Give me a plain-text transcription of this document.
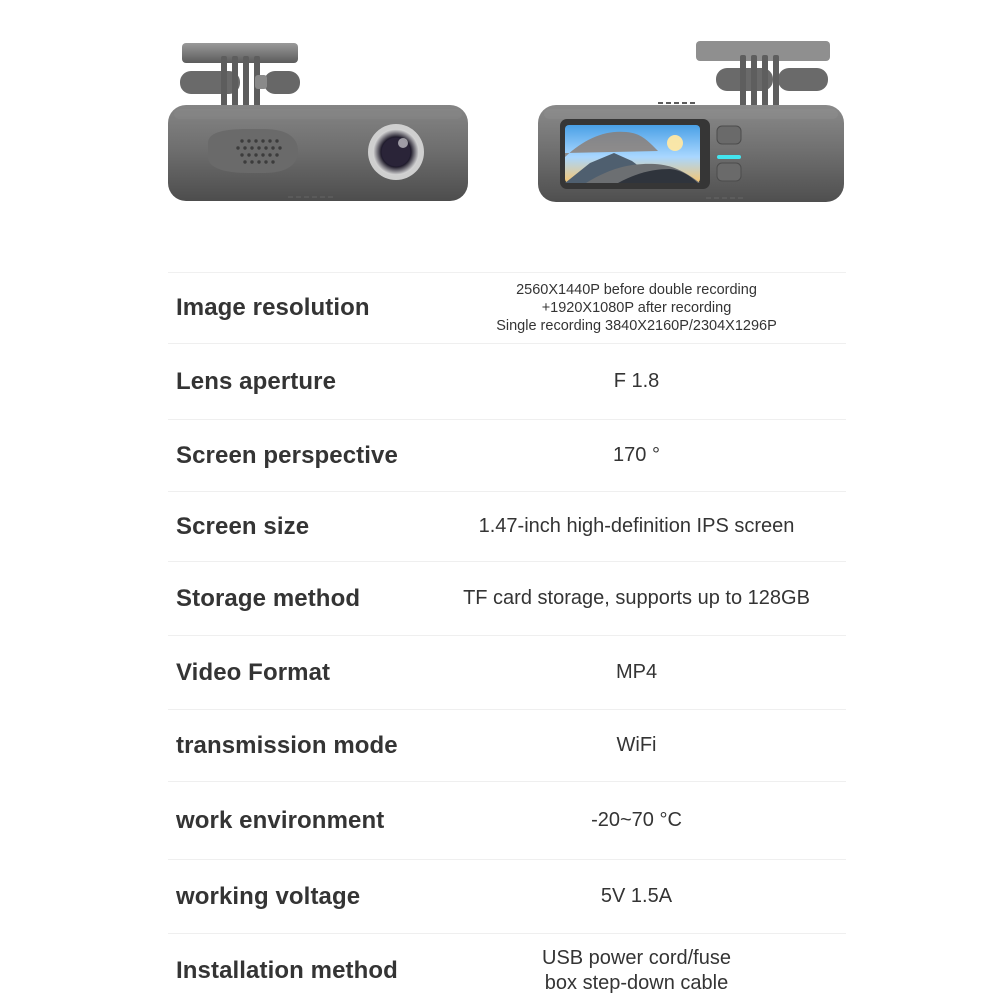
Image resolution
2560X1440P before double recording
+1920X1080P after recording
Single recording 3840X2160P/2304X1296P
Lens aperture	F 1.8
Screen perspective	170 °
Screen size	1.47-inch high-definition IPS screen
Storage method	TF card storage, supports up to 128GB
Video Format	MP4
transmission mode	WiFi
work environment	-20~70 °C
working voltage	5V 1.5A
Installation method	USB power cord/fuse
box step-down cable
